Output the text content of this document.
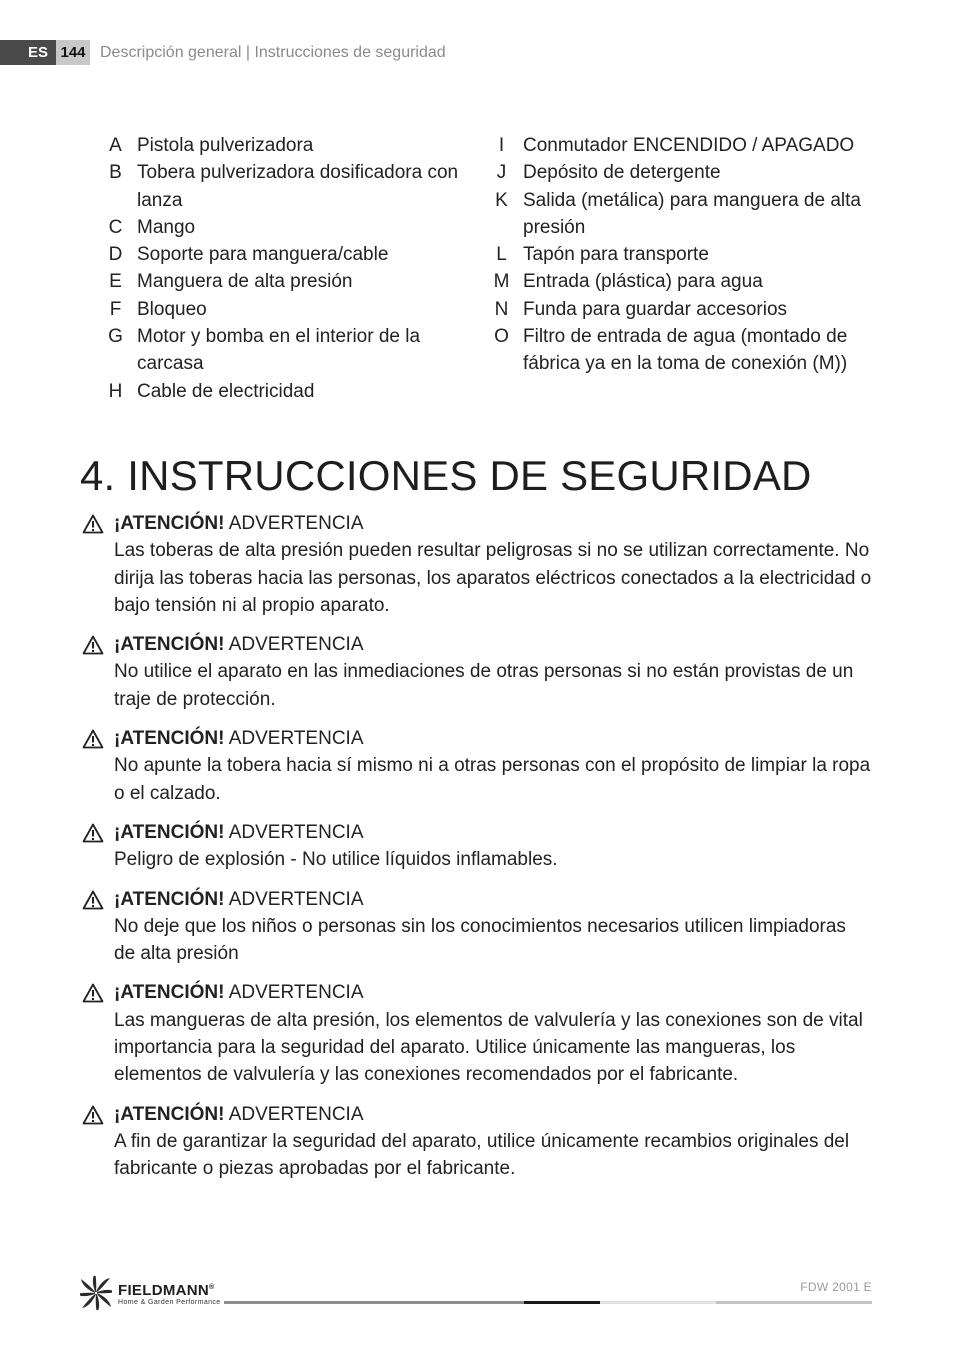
ES 144 Descripción general | Instrucciones de seguridad
A Pistola pulverizadora
B Tobera pulverizadora dosificadora con lanza
C Mango
D Soporte para manguera/cable
E Manguera de alta presión
F Bloqueo
G Motor y bomba en el interior de la carcasa
H Cable de electricidad
I Conmutador ENCENDIDO / APAGADO
J Depósito de detergente
K Salida (metálica) para manguera de alta presión
L Tapón para transporte
M Entrada (plástica) para agua
N Funda para guardar accesorios
O Filtro de entrada de agua (montado de fábrica ya en la toma de conexión (M))
4. INSTRUCCIONES DE SEGURIDAD
¡ATENCIÓN! ADVERTENCIA
Las toberas de alta presión pueden resultar peligrosas si no se utilizan correctamente. No dirija las toberas hacia las personas, los aparatos eléctricos conectados a la electricidad o bajo tensión ni al propio aparato.
¡ATENCIÓN! ADVERTENCIA
No utilice el aparato en las inmediaciones de otras personas si no están provistas de un traje de protección.
¡ATENCIÓN! ADVERTENCIA
No apunte la tobera hacia sí mismo ni a otras personas con el propósito de limpiar la ropa o el calzado.
¡ATENCIÓN! ADVERTENCIA
Peligro de explosión - No utilice líquidos inflamables.
¡ATENCIÓN! ADVERTENCIA
No deje que los niños o personas sin los conocimientos necesarios utilicen limpiadoras de alta presión
¡ATENCIÓN! ADVERTENCIA
Las mangueras de alta presión, los elementos de valvulería y las conexiones son de vital importancia para la seguridad del aparato. Utilice únicamente las mangueras, los elementos de valvulería y las conexiones recomendados por el fabricante.
¡ATENCIÓN! ADVERTENCIA
A fin de garantizar la seguridad del aparato, utilice únicamente recambios originales del fabricante o piezas aprobadas por el fabricante.
FIELDMANN®
Home & Garden Performance
FDW 2001 E
